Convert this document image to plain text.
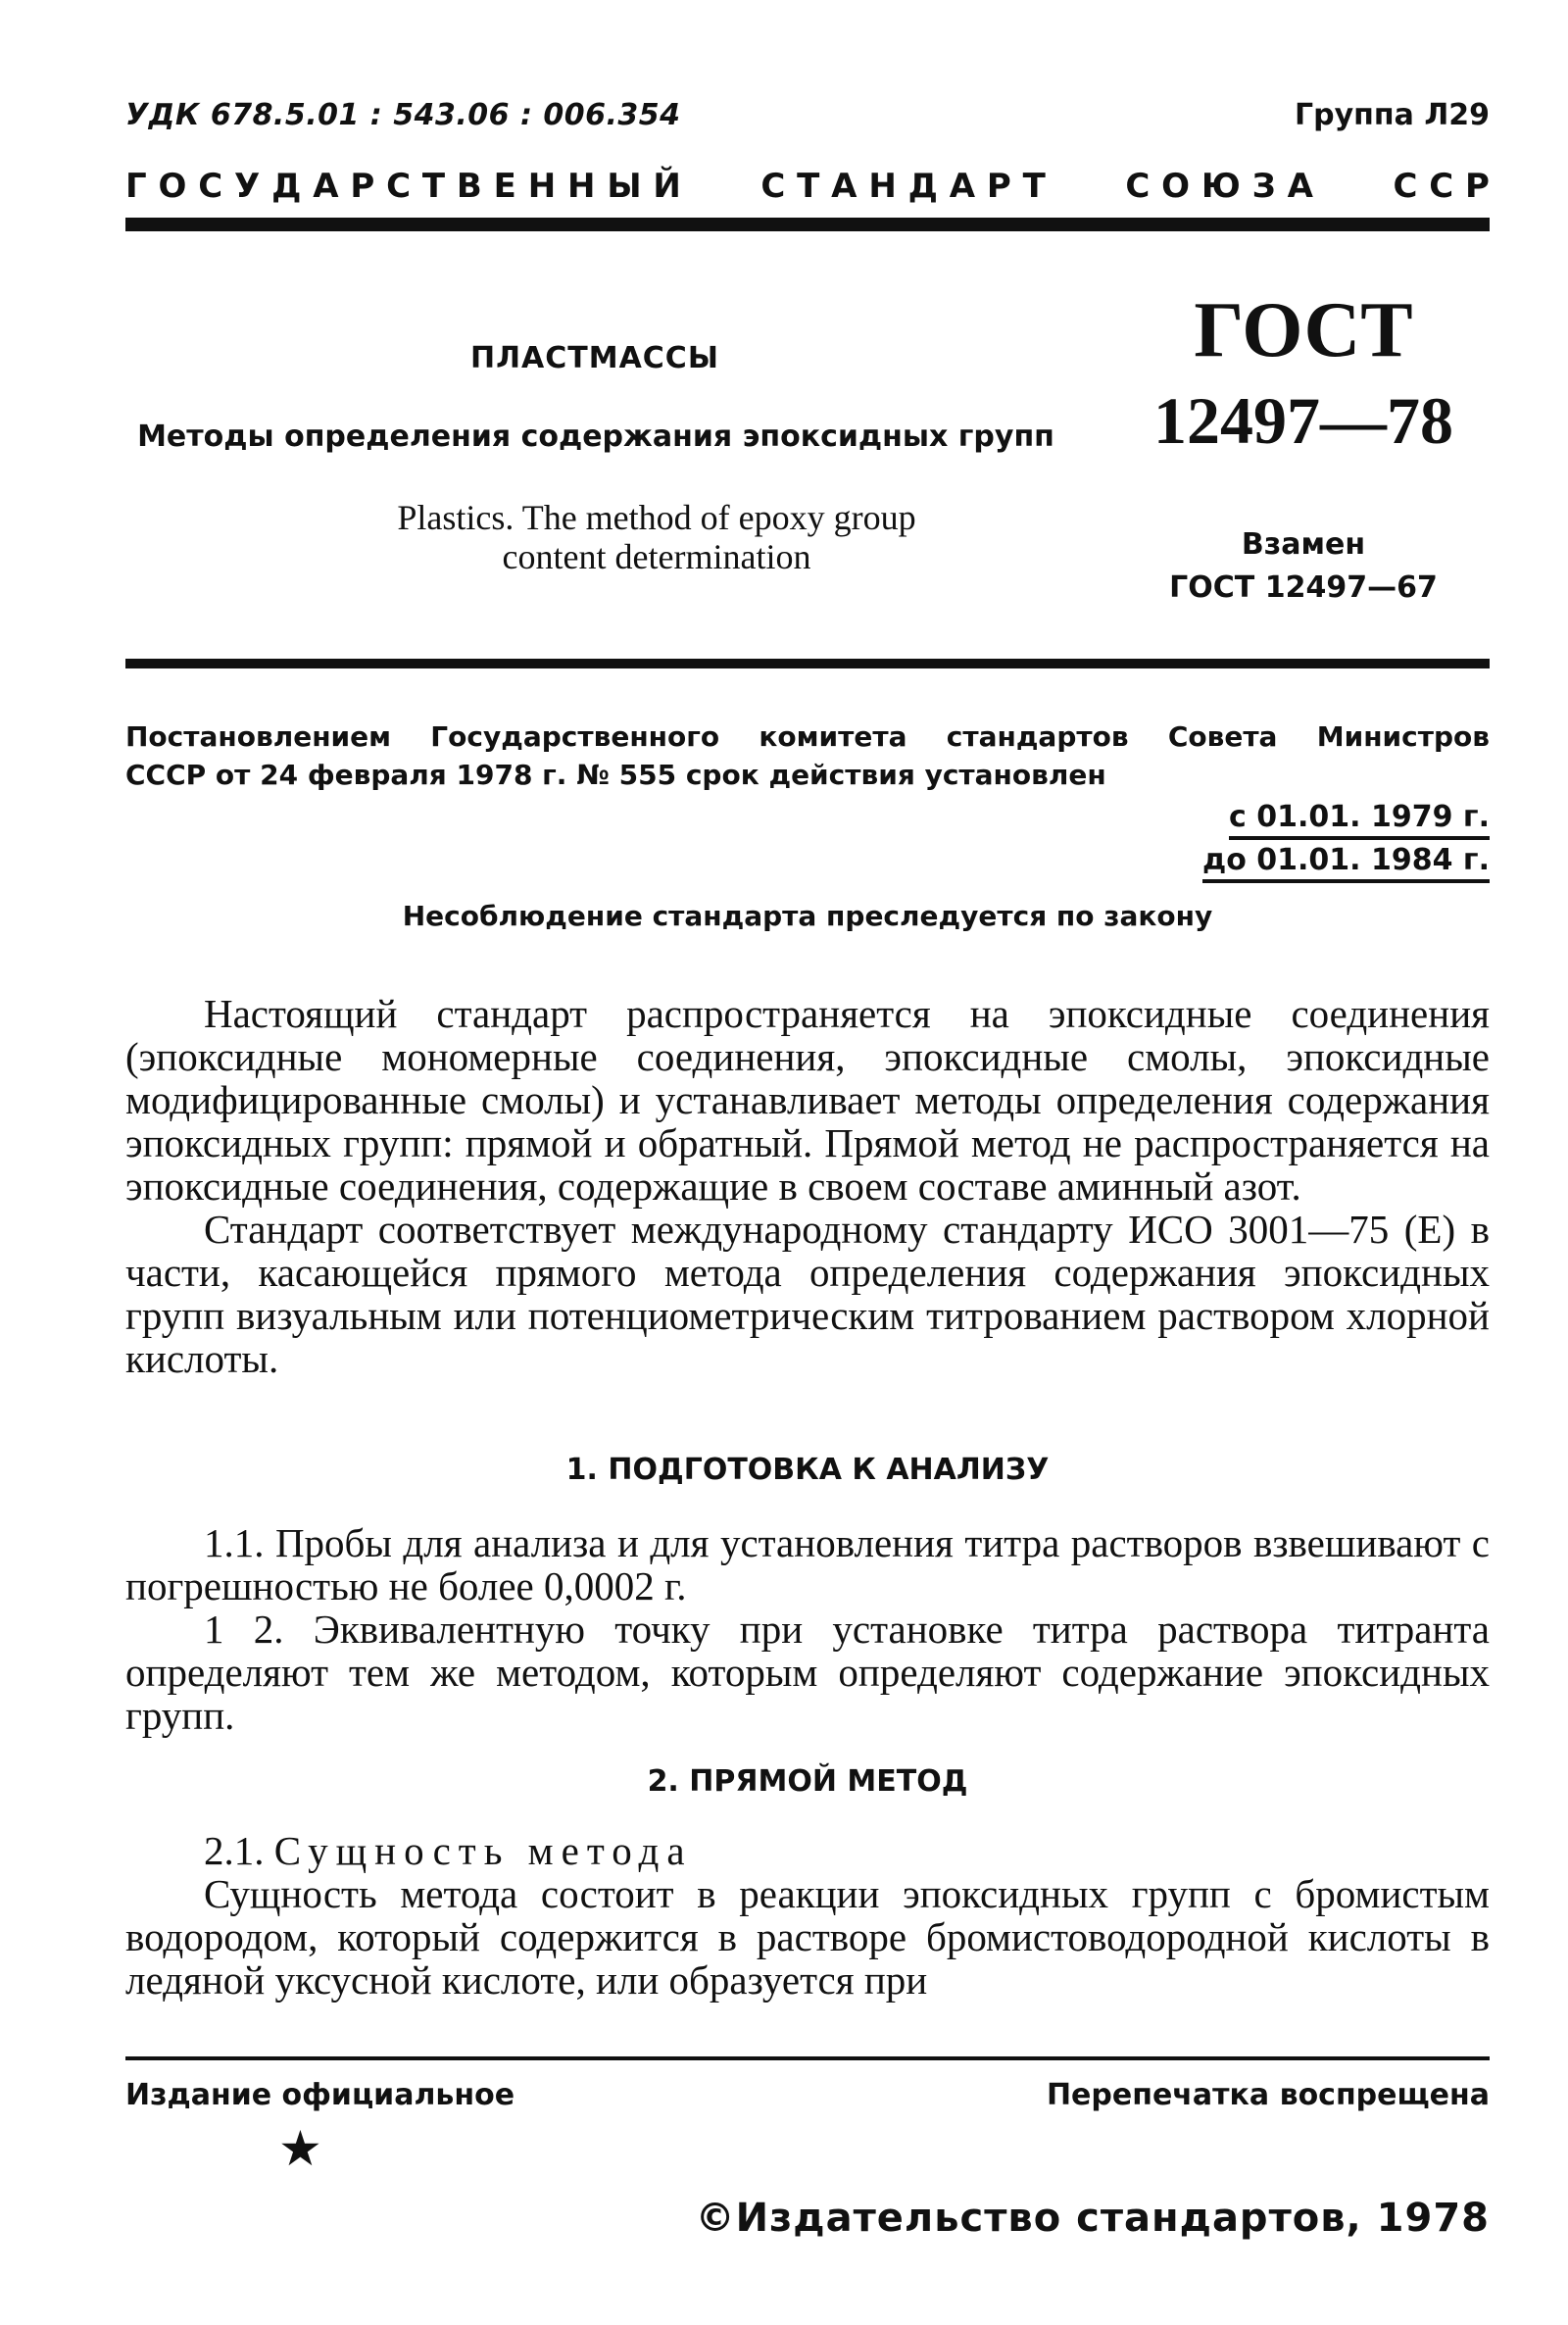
УДК 678.5.01 : 543.06 : 006.354	Группа Л29
Г О С У Д А Р С Т В Е Н Н Ы Й С Т А Н Д А Р Т С О Ю З А С С Р
ПЛАСТМАССЫ
Методы определения содержания эпоксидных групп
Plastics. The method of epoxy group
content determination
ГОСТ
12497—78
Взамен
ГОСТ 12497—67
Постановлением Государственного комитета стандартов Совета Министров
СССР от 24 февраля 1978 г. № 555 срок действия установлен
с 01.01. 1979 г.
до 01.01. 1984 г.
Несоблюдение стандарта преследуется по закону

Настоящий стандарт распространяется на эпоксидные соединения (эпоксидные мономерные соединения, эпоксидные смолы, эпоксидные модифицированные смолы) и устанавливает методы определения содержания эпоксидных групп: прямой и обратный. Прямой метод не распространяется на эпоксидные соединения, содержащие в своем составе аминный азот.

Стандарт соответствует международному стандарту ИСО 3001—75 (Е) в части, касающейся прямого метода определения содержания эпоксидных групп визуальным или потенциометрическим титрованием раствором хлорной кислоты.

1. ПОДГОТОВКА К АНАЛИЗУ

1.1. Пробы для анализа и для установления титра растворов взвешивают с погрешностью не более 0,0002 г.

1 2. Эквивалентную точку при установке титра раствора титранта определяют тем же методом, которым определяют содержание эпоксидных групп.

2. ПРЯМОЙ МЕТОД

2.1. Сущность метода

Сущность метода состоит в реакции эпоксидных групп с бромистым водородом, который содержится в растворе бромистоводородной кислоты в ледяной уксусной кислоте, или образуется при

Издание официальное	Перепечатка воспрещена
★
©Издательство стандартов, 1978
